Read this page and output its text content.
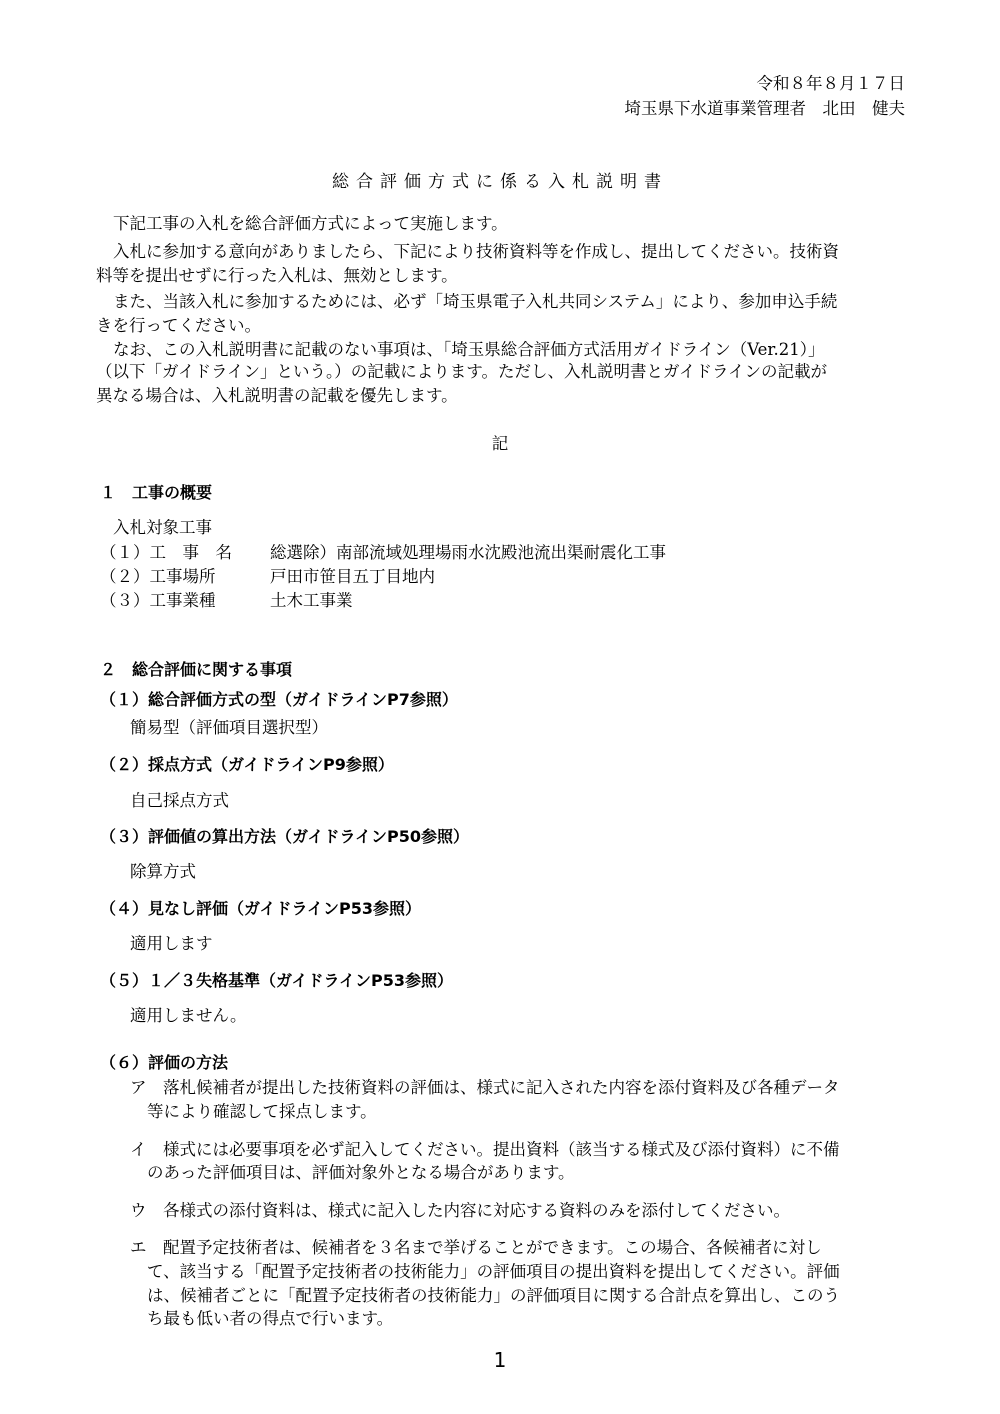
令和８年８月１７日
埼玉県下水道事業管理者　北田　健夫
総合評価方式に係る入札説明書
下記工事の入札を総合評価方式によって実施します。
入札に参加する意向がありましたら、下記により技術資料等を作成し、提出してください。技術資
料等を提出せずに行った入札は、無効とします。
また、当該入札に参加するためには、必ず「埼玉県電子入札共同システム」により、参加申込手続
きを行ってください。
なお、この入札説明書に記載のない事項は、「埼玉県総合評価方式活用ガイドライン（Ver.21）」
（以下「ガイドライン」という。）の記載によります。ただし、入札説明書とガイドラインの記載が
異なる場合は、入札説明書の記載を優先します。
記
１　工事の概要
入札対象工事
（１）工　事　名 総選除）南部流域処理場雨水沈殿池流出渠耐震化工事
（２）工事場所	戸田市笹目五丁目地内
（３）工事業種	土木工事業
２　総合評価に関する事項
（１）総合評価方式の型（ガイドラインP7参照）
簡易型（評価項目選択型）
（２）採点方式（ガイドラインP9参照）
自己採点方式
（３）評価値の算出方法（ガイドラインP50参照）
除算方式
（４）見なし評価（ガイドラインP53参照）
適用します
（５）１／３失格基準（ガイドラインP53参照）
適用しません。
（６）評価の方法
ア　落札候補者が提出した技術資料の評価は、様式に記入された内容を添付資料及び各種データ
等により確認して採点します。
イ　様式には必要事項を必ず記入してください。提出資料（該当する様式及び添付資料）に不備
のあった評価項目は、評価対象外となる場合があります。
ウ　各様式の添付資料は、様式に記入した内容に対応する資料のみを添付してください。
エ　配置予定技術者は、候補者を３名まで挙げることができます。この場合、各候補者に対し
て、該当する「配置予定技術者の技術能力」の評価項目の提出資料を提出してください。評価
は、候補者ごとに「配置予定技術者の技術能力」の評価項目に関する合計点を算出し、このう
ち最も低い者の得点で行います。
1
